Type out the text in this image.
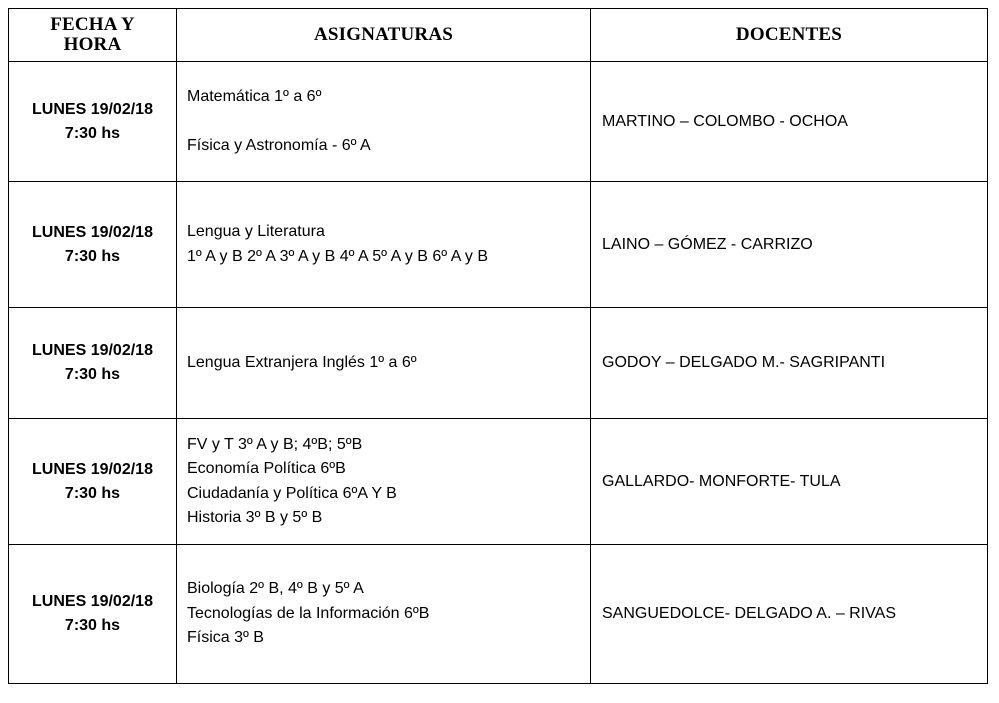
FECHA Y
HORA	ASIGNATURAS	DOCENTES

LUNES 19/02/18
7:30 hs	Matemática 1º a 6º
Física y Astronomía - 6º A	MARTINO – COLOMBO - OCHOA

LUNES 19/02/18
7:30 hs	Lengua y Literatura
1º A y B 2º A 3º A y B 4º A 5º A y B 6º A y B	LAINO – GÓMEZ - CARRIZO

LUNES 19/02/18
7:30 hs	Lengua Extranjera Inglés 1º a 6º	GODOY – DELGADO M.- SAGRIPANTI

LUNES 19/02/18
7:30 hs	FV y T 3º A y B; 4ºB; 5ºB
Economía Política 6ºB
Ciudadanía y Política 6ºA Y B
Historia 3º B y 5º B	GALLARDO- MONFORTE- TULA

LUNES 19/02/18
7:30 hs	Biología 2º B, 4º B y 5º A
Tecnologías de la Información 6ºB
Física 3º B	SANGUEDOLCE- DELGADO A. – RIVAS
